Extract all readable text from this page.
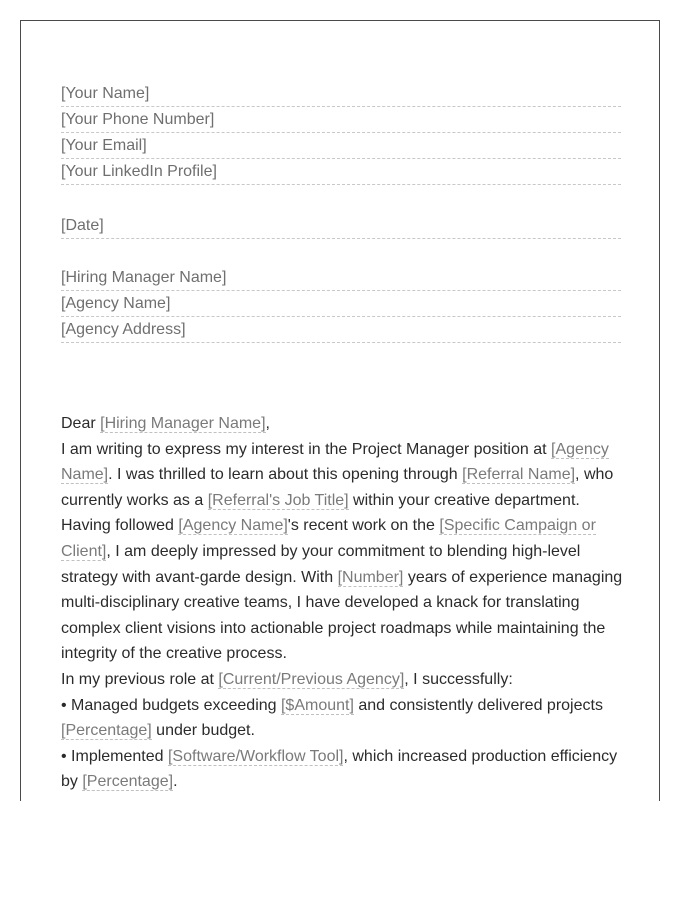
[Your Name]
[Your Phone Number]
[Your Email]
[Your LinkedIn Profile]
[Date]
[Hiring Manager Name]
[Agency Name]
[Agency Address]

Dear [Hiring Manager Name],

I am writing to express my interest in the Project Manager position at [Agency Name]. I was thrilled to learn about this opening through [Referral Name], who currently works as a [Referral's Job Title] within your creative department. Having followed [Agency Name]'s recent work on the [Specific Campaign or Client], I am deeply impressed by your commitment to blending high-level strategy with avant-garde design. With [Number] years of experience managing multi-disciplinary creative teams, I have developed a knack for translating complex client visions into actionable project roadmaps while maintaining the integrity of the creative process.

In my previous role at [Current/Previous Agency], I successfully:

• Managed budgets exceeding [$Amount] and consistently delivered projects [Percentage] under budget.

• Implemented [Software/Workflow Tool], which increased production efficiency by [Percentage].
